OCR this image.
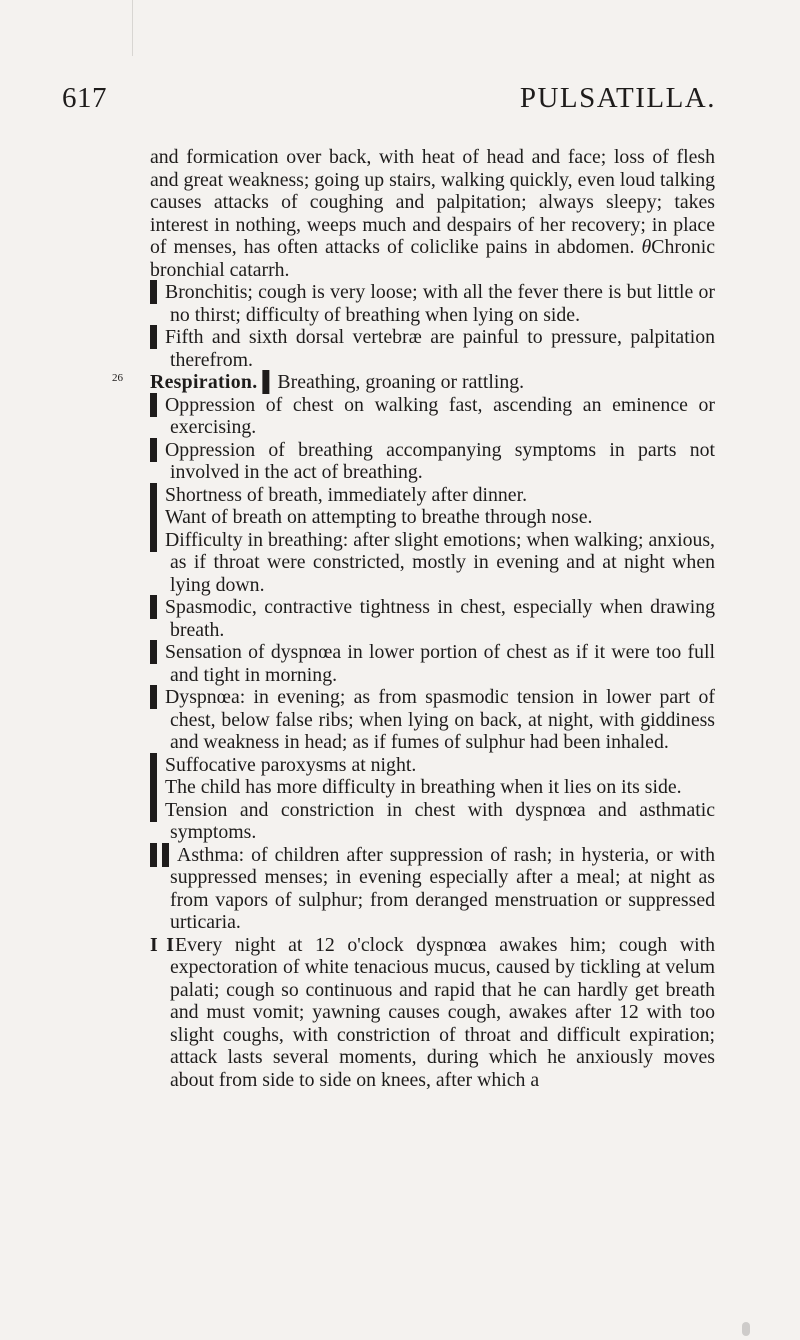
617	PULSATILLA.

and formication over back, with heat of head and face; loss of flesh and great weakness; going up stairs, walking quickly, even loud talking causes attacks of coughing and palpitation; always sleepy; takes interest in nothing, weeps much and despairs of her recovery; in place of menses, has often attacks of coliclike pains in abdomen. θChronic bronchial catarrh.

▌ Bronchitis; cough is very loose; with all the fever there is but little or no thirst; difficulty of breathing when lying on side.

▌ Fifth and sixth dorsal vertebræ are painful to pressure, palpitation therefrom.

26	Respiration. ▌ Breathing, groaning or rattling.

▌ Oppression of chest on walking fast, ascending an eminence or exercising.

▌ Oppression of breathing accompanying symptoms in parts not involved in the act of breathing.

▌ Shortness of breath, immediately after dinner.

▌ Want of breath on attempting to breathe through nose.

▌ Difficulty in breathing: after slight emotions; when walking; anxious, as if throat were constricted, mostly in evening and at night when lying down.

▌ Spasmodic, contractive tightness in chest, especially when drawing breath.

▌ Sensation of dyspnœa in lower portion of chest as if it were too full and tight in morning.

▌ Dyspnœa: in evening; as from spasmodic tension in lower part of chest, below false ribs; when lying on back, at night, with giddiness and weakness in head; as if fumes of sulphur had been inhaled.

▌ Suffocative paroxysms at night.

▌ The child has more difficulty in breathing when it lies on its side.

▌ Tension and constriction in chest with dyspnœa and asthmatic symptoms.

▌▌ Asthma: of children after suppression of rash; in hysteria, or with suppressed menses; in evening especially after a meal; at night as from vapors of sulphur; from deranged menstruation or suppressed urticaria.

I I Every night at 12 o'clock dyspnœa awakes him; cough with expectoration of white tenacious mucus, caused by tickling at velum palati; cough so continuous and rapid that he can hardly get breath and must vomit; yawning causes cough, awakes after 12 with too slight coughs, with constriction of throat and difficult expiration; attack lasts several moments, during which he anxiously moves about from side to side on knees, after which a
